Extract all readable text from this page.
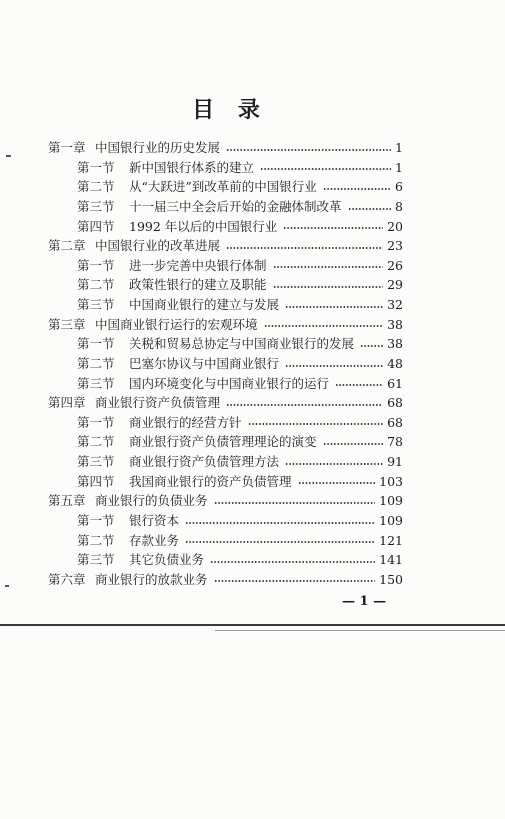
目 录
第一章 中国银行业的历史发展	1
第一节	新中国银行体系的建立	1
第二节	从“大跃进”到改革前的中国银行业	6
第三节	十一届三中全会后开始的金融体制改革	8
第四节	1992 年以后的中国银行业	20
第二章 中国银行业的改革进展	23
第一节	进一步完善中央银行体制	26
第二节	政策性银行的建立及职能	29
第三节	中国商业银行的建立与发展	32
第三章 中国商业银行运行的宏观环境	38
第一节	关税和贸易总协定与中国商业银行的发展	38
第二节	巴塞尔协议与中国商业银行	48
第三节	国内环境变化与中国商业银行的运行	61
第四章 商业银行资产负债管理	68
第一节	商业银行的经营方针	68
第二节	商业银行资产负债管理理论的演变	78
第三节	商业银行资产负债管理方法	91
第四节	我国商业银行的资产负债管理	103
第五章 商业银行的负债业务	109
第一节	银行资本	109
第二节	存款业务	121
第三节	其它负债业务	141
第六章 商业银行的放款业务	150
— 1 —
